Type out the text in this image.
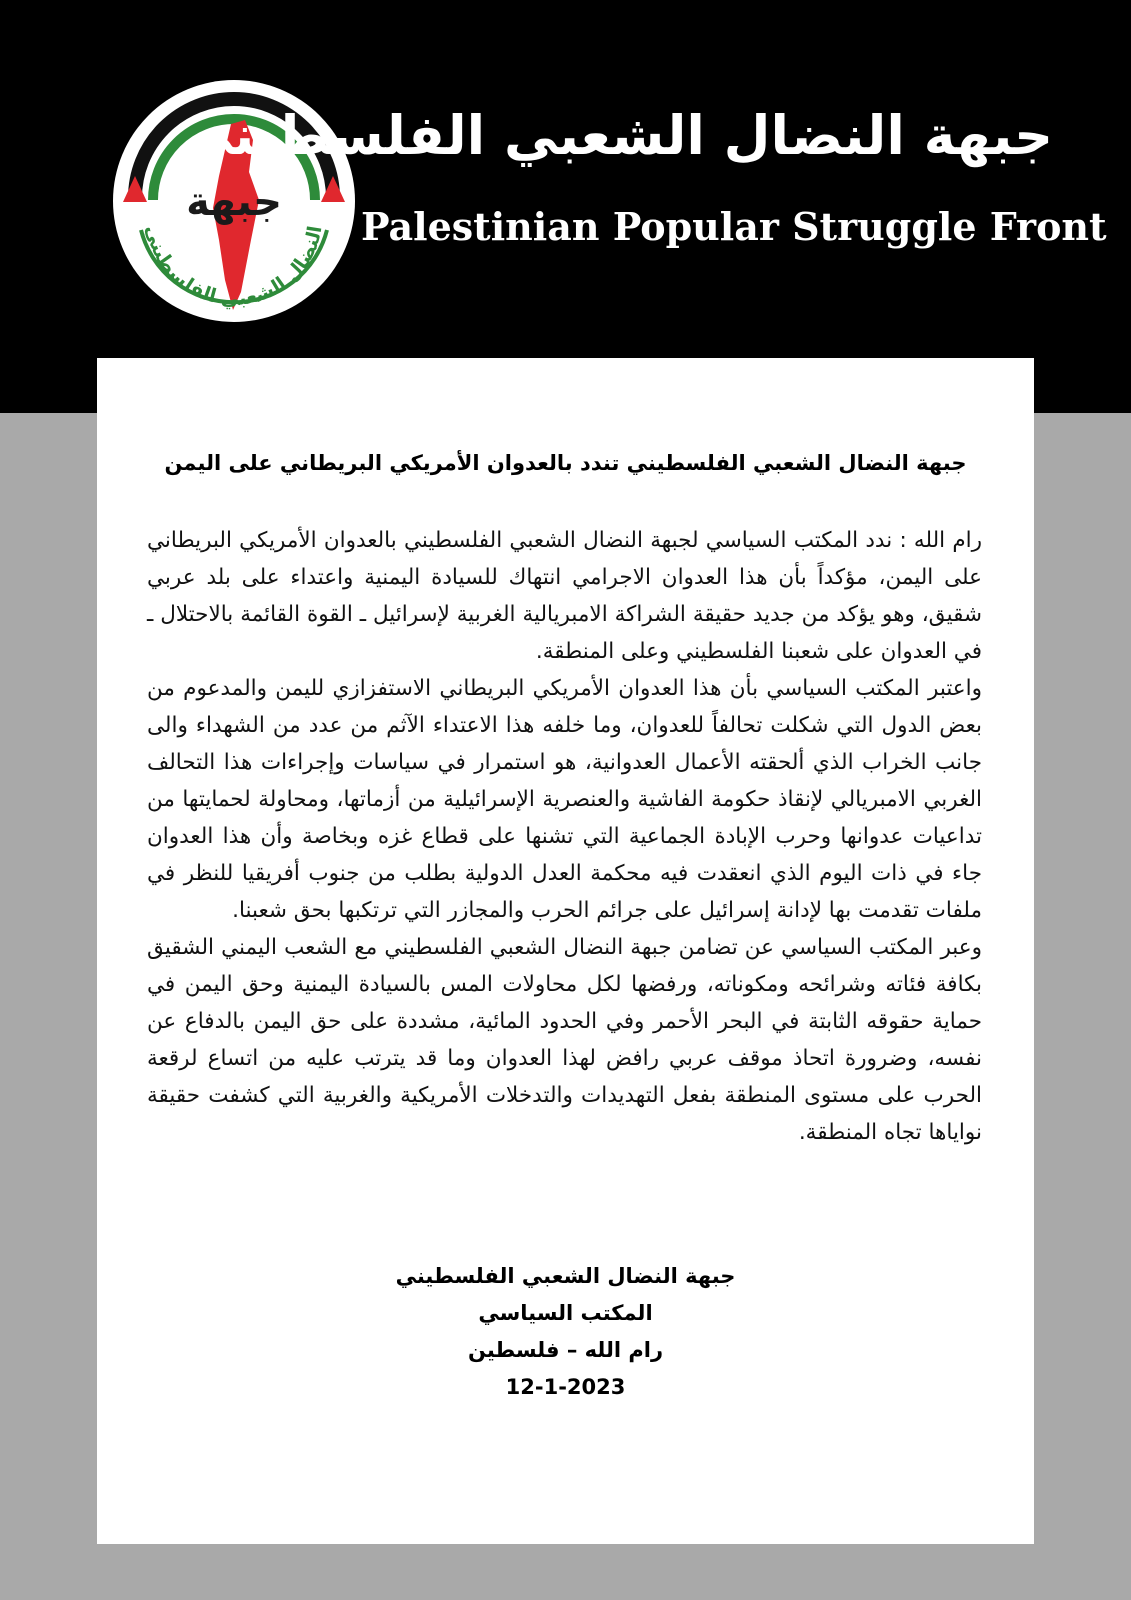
جبهة
النضال الشعبي الفلسطيني
جبهة النضال الشعبي الفلسطيني
Palestinian Popular Struggle Front
جبهة النضال الشعبي الفلسطيني تندد بالعدوان الأمريكي البريطاني على اليمن

رام الله : ندد المكتب السياسي لجبهة النضال الشعبي الفلسطيني بالعدوان الأمريكي البريطاني على اليمن، مؤكداً بأن هذا العدوان الاجرامي انتهاك للسيادة اليمنية واعتداء على بلد عربي شقيق، وهو يؤكد من جديد حقيقة الشراكة الامبريالية الغربية لإسرائيل ـ القوة القائمة بالاحتلال ـ في العدوان على شعبنا الفلسطيني وعلى المنطقة.

واعتبر المكتب السياسي بأن هذا العدوان الأمريكي البريطاني الاستفزازي لليمن والمدعوم من بعض الدول التي شكلت تحالفاً للعدوان، وما خلفه هذا الاعتداء الآثم من عدد من الشهداء والى جانب الخراب الذي ألحقته الأعمال العدوانية، هو استمرار في سياسات وإجراءات هذا التحالف الغربي الامبريالي لإنقاذ حكومة الفاشية والعنصرية الإسرائيلية من أزماتها، ومحاولة لحمايتها من تداعيات عدوانها وحرب الإبادة الجماعية التي تشنها على قطاع غزه وبخاصة وأن هذا العدوان جاء في ذات اليوم الذي انعقدت فيه محكمة العدل الدولية بطلب من جنوب أفريقيا للنظر في ملفات تقدمت بها لإدانة إسرائيل على جرائم الحرب والمجازر التي ترتكبها بحق شعبنا.

وعبر المكتب السياسي عن تضامن جبهة النضال الشعبي الفلسطيني مع الشعب اليمني الشقيق بكافة فئاته وشرائحه ومكوناته، ورفضها لكل محاولات المس بالسيادة اليمنية وحق اليمن في حماية حقوقه الثابتة في البحر الأحمر وفي الحدود المائية، مشددة على حق اليمن بالدفاع عن نفسه، وضرورة اتحاذ موقف عربي رافض لهذا العدوان وما قد يترتب عليه من اتساع لرقعة الحرب على مستوى المنطقة بفعل التهديدات والتدخلات الأمريكية والغربية التي كشفت حقيقة نواياها تجاه المنطقة.

جبهة النضال الشعبي الفلسطيني
المكتب السياسي
رام الله – فلسطين
12-1-2023
